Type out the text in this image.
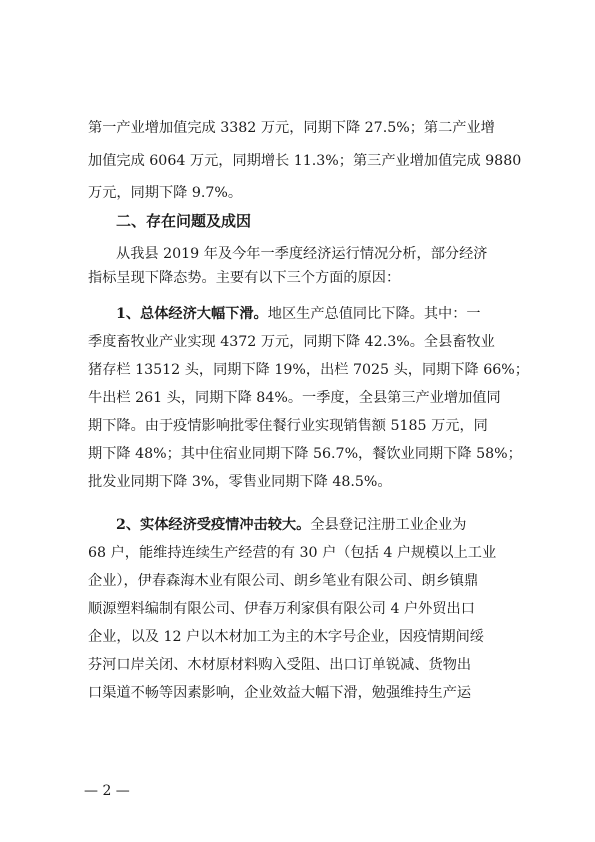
第一产业增加值完成 3382 万元，同期下降 27.5%；第二产业增
加值完成 6064 万元，同期增长 11.3%；第三产业增加值完成 9880
万元，同期下降 9.7%。
二、存在问题及成因
从我县 2019 年及今年一季度经济运行情况分析，部分经济
指标呈现下降态势。主要有以下三个方面的原因：
1、总体经济大幅下滑。地区生产总值同比下降。其中：一
季度畜牧业产业实现 4372 万元，同期下降 42.3%。全县畜牧业
猪存栏 13512 头，同期下降 19%，出栏 7025 头，同期下降 66%；
牛出栏 261 头，同期下降 84%。一季度，全县第三产业增加值同
期下降。由于疫情影响批零住餐行业实现销售额 5185 万元，同
期下降 48%；其中住宿业同期下降 56.7%，餐饮业同期下降 58%；
批发业同期下降 3%，零售业同期下降 48.5%。
2、实体经济受疫情冲击较大。全县登记注册工业企业为
68 户，能维持连续生产经营的有 30 户（包括 4 户规模以上工业
企业），伊春森海木业有限公司、朗乡笔业有限公司、朗乡镇鼎
顺源塑料编制有限公司、伊春万利家俱有限公司 4 户外贸出口
企业，以及 12 户以木材加工为主的木字号企业，因疫情期间绥
芬河口岸关闭、木材原材料购入受阻、出口订单锐减、货物出
口渠道不畅等因素影响，企业效益大幅下滑，勉强维持生产运
— 2 —
